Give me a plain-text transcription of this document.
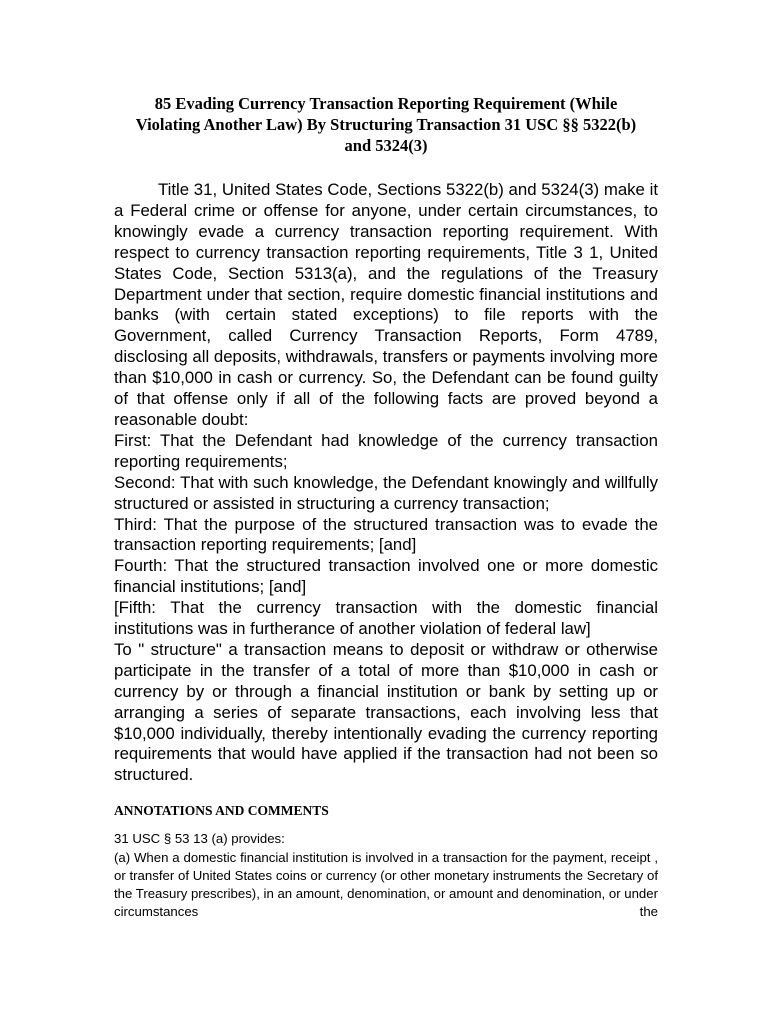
85 Evading Currency Transaction Reporting Requirement (While
Violating Another Law) By Structuring Transaction 31 USC §§ 5322(b)
and 5324(3)

Title 31, United States Code, Sections 5322(b) and 5324(3) make it a Federal crime or offense for anyone, under certain circumstances, to knowingly evade a currency transaction reporting requirement. With respect to currency transaction reporting requirements, Title 3 1, United States Code, Section 5313(a), and the regulations of the Treasury Department under that section, require domestic financial institutions and banks (with certain stated exceptions) to file reports with the Government, called Currency Transaction Reports, Form 4789, disclosing all deposits, withdrawals, transfers or payments involving more than $10,000 in cash or currency. So, the Defendant can be found guilty of that offense only if all of the following facts are proved beyond a reasonable doubt:

First: That the Defendant had knowledge of the currency transaction reporting requirements;

Second: That with such knowledge, the Defendant knowingly and willfully structured or assisted in structuring a currency transaction;

Third: That the purpose of the structured transaction was to evade the transaction reporting requirements; [and]

Fourth: That the structured transaction involved one or more domestic financial institutions; [and]

[Fifth: That the currency transaction with the domestic financial institutions was in furtherance of another violation of federal law]

To " structure" a transaction means to deposit or withdraw or otherwise participate in the transfer of a total of more than $10,000 in cash or currency by or through a financial institution or bank by setting up or arranging a series of separate transactions, each involving less that $10,000 individually, thereby intentionally evading the currency reporting requirements that would have applied if the transaction had not been so structured.

ANNOTATIONS AND COMMENTS

31 USC § 53 13 (a) provides:

(a) When a domestic financial institution is involved in a transaction for the payment, receipt , or transfer of United States coins or currency (or other monetary instruments the Secretary of the Treasury prescribes), in an amount, denomination, or amount and denomination, or under circumstances the
